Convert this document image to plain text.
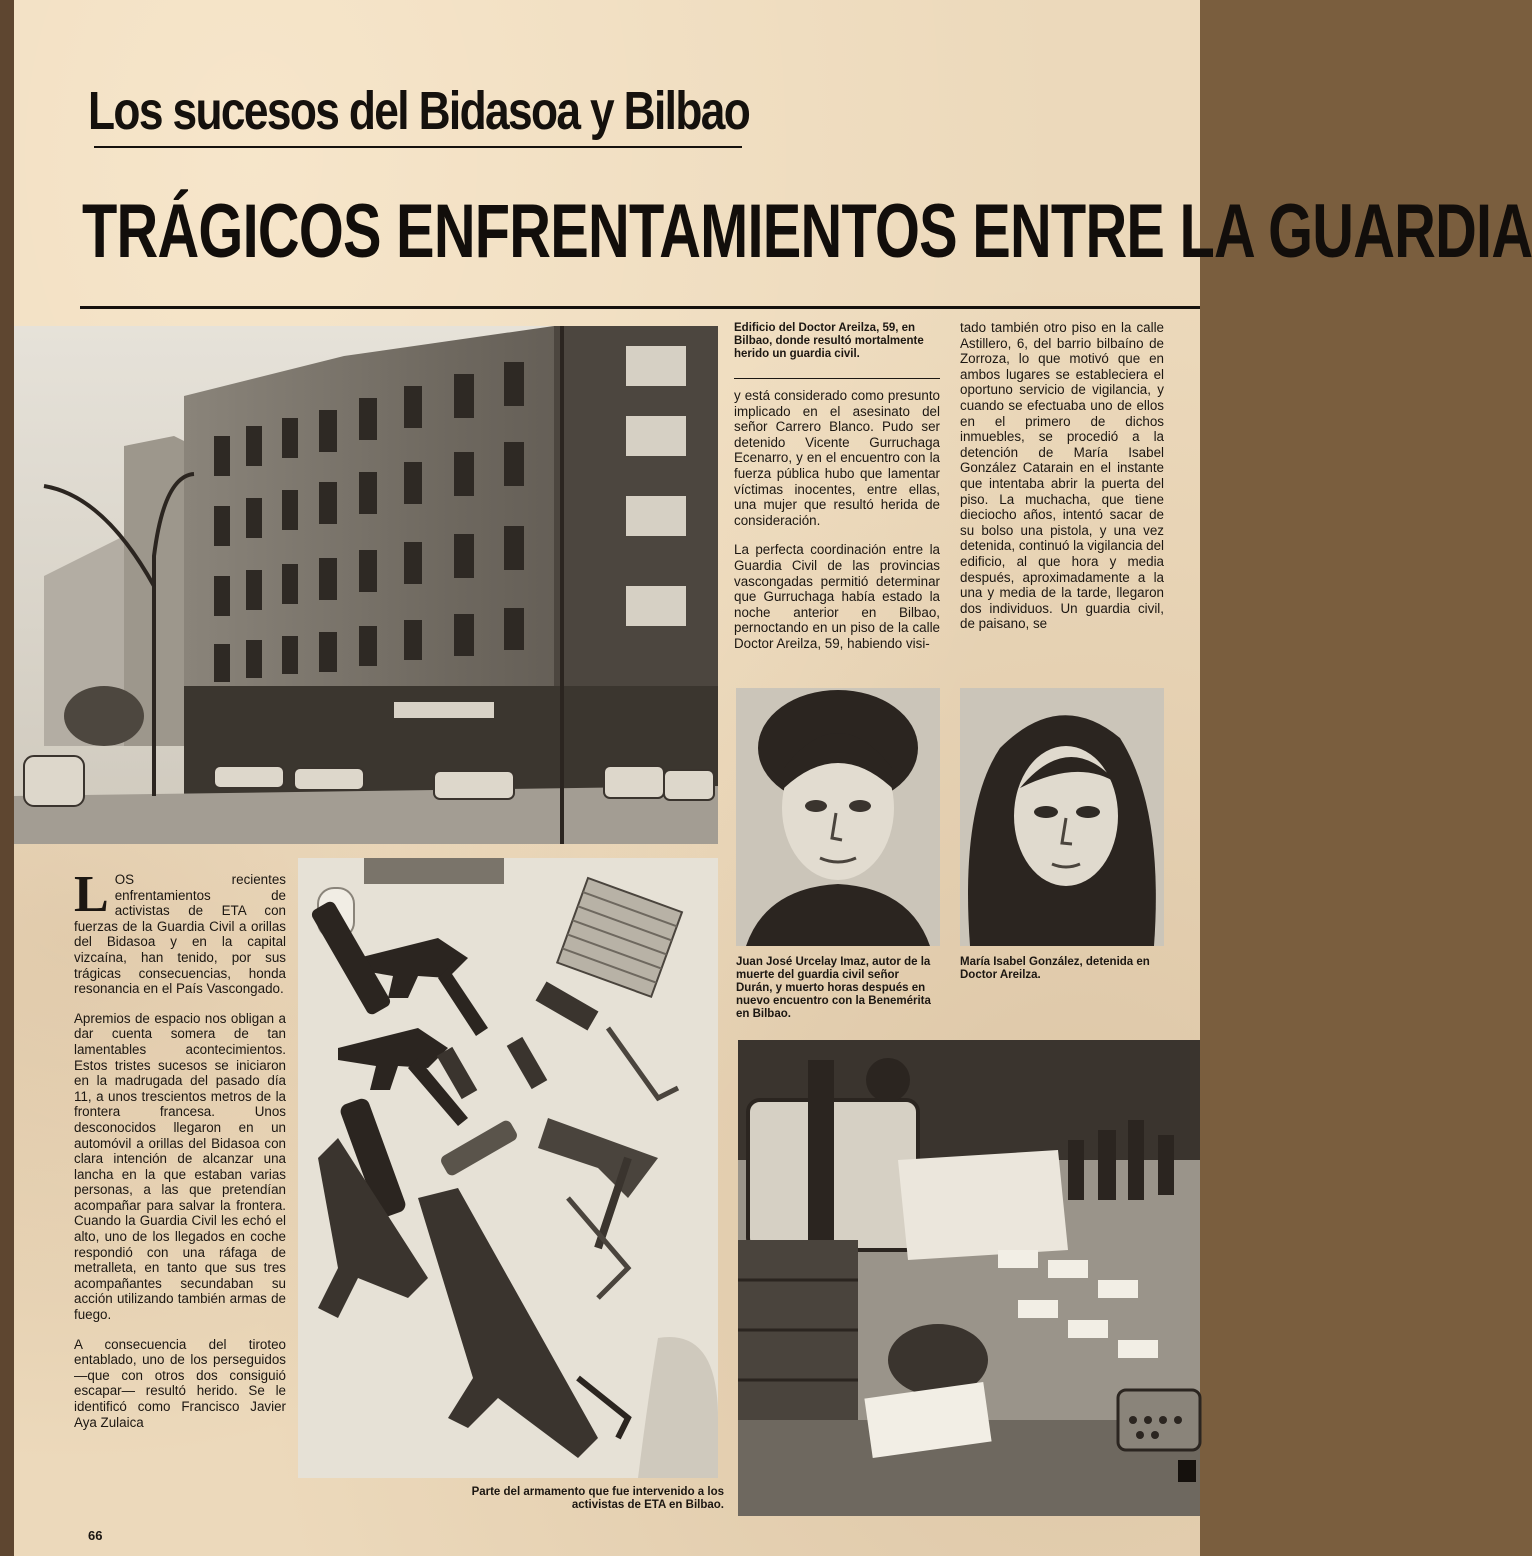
Los sucesos del Bidasoa y Bilbao
TRÁGICOS ENFRENTAMIENTOS ENTRE LA GUARDIA
Edificio del Doctor Areilza, 59, en Bilbao, donde resultó mortalmente herido un guardia civil.

y está considerado como presunto implicado en el asesinato del señor Carrero Blanco. Pudo ser detenido Vicente Gurruchaga Ecenarro, y en el encuentro con la fuerza pública hubo que lamentar víctimas inocentes, entre ellas, una mujer que resultó herida de consideración.

La perfecta coordinación entre la Guardia Civil de las provincias vascongadas permitió determinar que Gurruchaga había estado la noche anterior en Bilbao, pernoctando en un piso de la calle Doctor Areilza, 59, habiendo visi-

tado también otro piso en la calle Astillero, 6, del barrio bilbaíno de Zorroza, lo que motivó que en ambos lugares se estableciera el oportuno servicio de vigilancia, y cuando se efectuaba uno de ellos en el primero de dichos inmuebles, se procedió a la detención de María Isabel González Catarain en el instante que intentaba abrir la puerta del piso. La muchacha, que tiene dieciocho años, intentó sacar de su bolso una pistola, y una vez detenida, continuó la vigilancia del edificio, al que hora y media después, aproximadamente a la una y media de la tarde, llegaron dos individuos. Un guardia civil, de paisano, se

Juan José Urcelay Imaz, autor de la muerte del guardia civil señor Durán, y muerto horas después en nuevo encuentro con la Benemérita en Bilbao.
María Isabel González, detenida en Doctor Areilza.
L OS recientes enfrentamientos de activistas de ETA con fuerzas de la Guardia Civil a orillas del Bidasoa y en la capital vizcaína, han tenido, por sus trágicas consecuencias, honda resonancia en el País Vascongado.

Apremios de espacio nos obligan a dar cuenta somera de tan lamentables acontecimientos. Estos tristes sucesos se iniciaron en la madrugada del pasado día 11, a unos trescientos metros de la frontera francesa. Unos desconocidos llegaron en un automóvil a orillas del Bidasoa con clara intención de alcanzar una lancha en la que estaban varias personas, a las que pretendían acompañar para salvar la frontera. Cuando la Guardia Civil les echó el alto, uno de los llegados en coche respondió con una ráfaga de metralleta, en tanto que sus tres acompañantes secundaban su acción utilizando también armas de fuego.

A consecuencia del tiroteo entablado, uno de los perseguidos —que con otros dos consiguió escapar— resultó herido. Se le identificó como Francisco Javier Aya Zulaica

Parte del armamento que fue intervenido a los activistas de ETA en Bilbao.
66
